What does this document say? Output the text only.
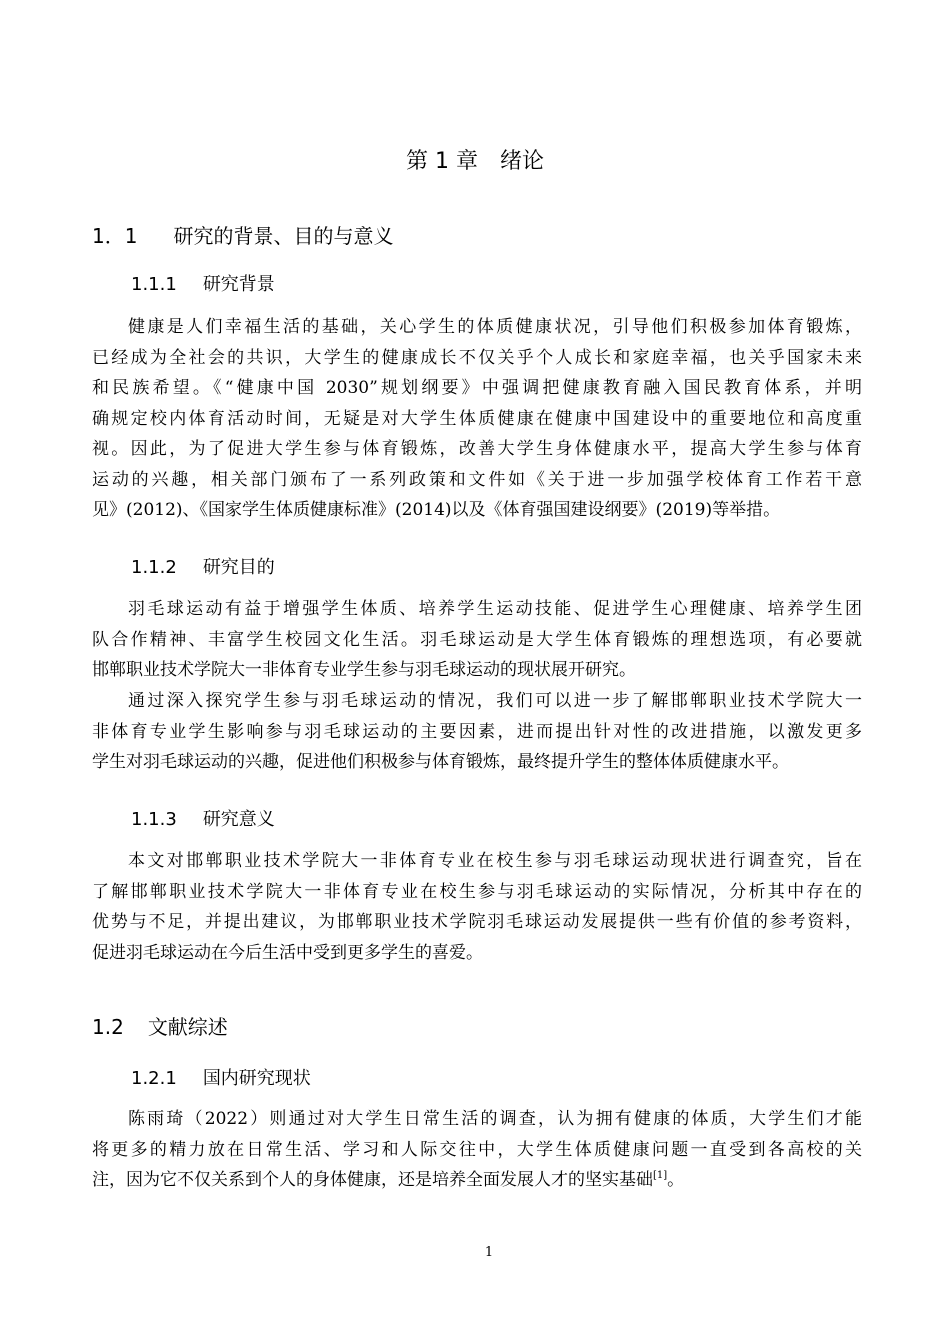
第 1 章　绪论
1．1 研究的背景、目的与意义
1.1.1 研究背景
健康是人们幸福生活的基础，关心学生的体质健康状况，引导他们积极参加体育锻炼，
已经成为全社会的共识，大学生的健康成长不仅关乎个人成长和家庭幸福，也关乎国家未来
和民族希望。《“健康中国 2030”规划纲要》中强调把健康教育融入国民教育体系，并明
确规定校内体育活动时间，无疑是对大学生体质健康在健康中国建设中的重要地位和高度重
视。因此，为了促进大学生参与体育锻炼，改善大学生身体健康水平，提高大学生参与体育
运动的兴趣，相关部门颁布了一系列政策和文件如《关于进一步加强学校体育工作若干意
见》(2012)、《国家学生体质健康标准》(2014)以及《体育强国建设纲要》(2019)等举措。
1.1.2 研究目的
羽毛球运动有益于增强学生体质、培养学生运动技能、促进学生心理健康、培养学生团
队合作精神、丰富学生校园文化生活。羽毛球运动是大学生体育锻炼的理想选项，有必要就
邯郸职业技术学院大一非体育专业学生参与羽毛球运动的现状展开研究。
通过深入探究学生参与羽毛球运动的情况，我们可以进一步了解邯郸职业技术学院大一
非体育专业学生影响参与羽毛球运动的主要因素，进而提出针对性的改进措施，以激发更多
学生对羽毛球运动的兴趣，促进他们积极参与体育锻炼，最终提升学生的整体体质健康水平。
1.1.3 研究意义
本文对邯郸职业技术学院大一非体育专业在校生参与羽毛球运动现状进行调查究，旨在
了解邯郸职业技术学院大一非体育专业在校生参与羽毛球运动的实际情况，分析其中存在的
优势与不足，并提出建议，为邯郸职业技术学院羽毛球运动发展提供一些有价值的参考资料，
促进羽毛球运动在今后生活中受到更多学生的喜爱。
1.2 文献综述
1.2.1 国内研究现状
陈雨琦（2022）则通过对大学生日常生活的调查，认为拥有健康的体质，大学生们才能
将更多的精力放在日常生活、学习和人际交往中，大学生体质健康问题一直受到各高校的关
注，因为它不仅关系到个人的身体健康，还是培养全面发展人才的坚实基础[1]。
1
